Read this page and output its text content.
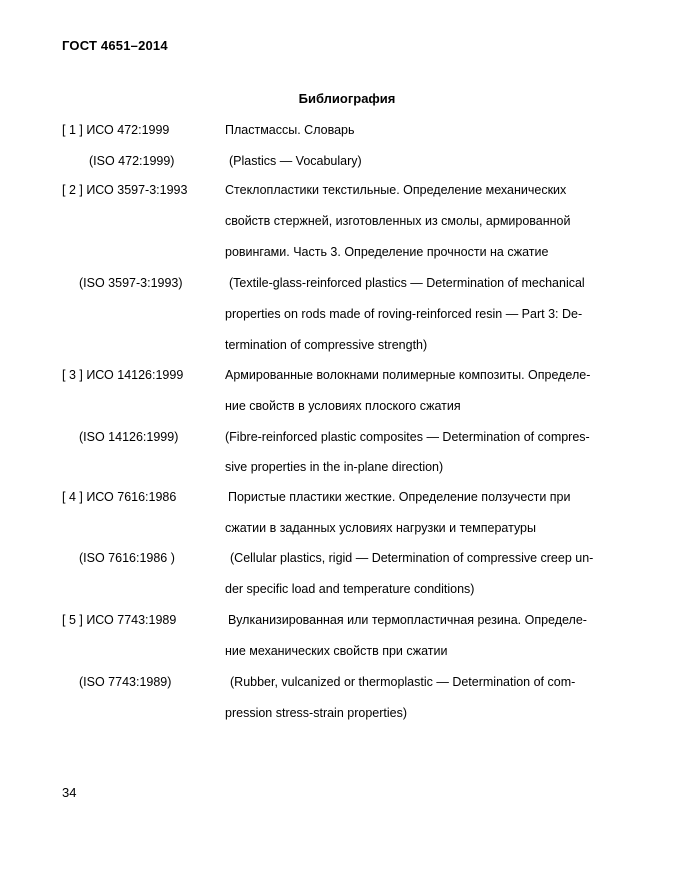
ГОСТ 4651–2014
Библиография
[ 1 ] ИСО 472:1999	Пластмассы. Словарь
(ISO 472:1999)	(Plastics — Vocabulary)
[ 2 ] ИСО 3597-3:1993	Стеклопластики текстильные. Определение механических
свойств стержней, изготовленных из смолы, армированной
ровингами. Часть 3. Определение прочности на сжатие
(ISO 3597-3:1993)	(Textile-glass-reinforced plastics — Determination of mechanical
properties on rods made of roving-reinforced resin — Part 3: De-
termination of compressive strength)
[ 3 ] ИСО 14126:1999	Армированные волокнами полимерные композиты. Определе-
ние свойств в условиях плоского сжатия
(ISO 14126:1999)	(Fibre-reinforced plastic composites — Determination of compres-
sive properties in the in-plane direction)
[ 4 ] ИСО 7616:1986	Пористые пластики жесткие. Определение ползучести при
сжатии в заданных условиях нагрузки и температуры
(ISO 7616:1986 )	(Cellular plastics, rigid — Determination of compressive creep un-
der specific load and temperature conditions)
[ 5 ] ИСО 7743:1989	Вулканизированная или термопластичная резина. Определе-
ние механических свойств при сжатии
(ISO 7743:1989)	(Rubber, vulcanized or thermoplastic — Determination of com-
pression stress-strain properties)
34
